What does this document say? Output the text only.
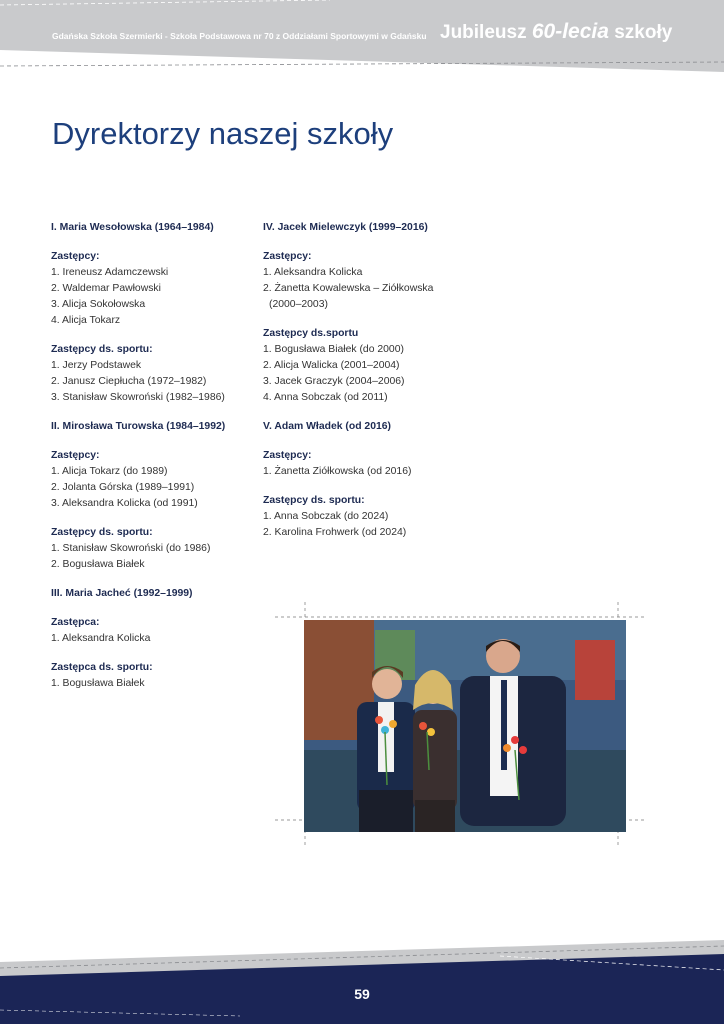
Gdańska Szkoła Szermierki - Szkoła Podstawowa nr 70 z Oddziałami Sportowymi w Gdańsku Jubileusz 60-lecia szkoły
Dyrektorzy naszej szkoły

I. Maria Wesołowska (1964–1984)

Zastępcy:

1. Ireneusz Adamczewski

2. Waldemar Pawłowski

3. Alicja Sokołowska

4. Alicja Tokarz

Zastępcy ds. sportu:

1. Jerzy Podstawek

2. Janusz Ciepłucha (1972–1982)

3. Stanisław Skowroński (1982–1986)

II. Mirosława Turowska (1984–1992)

Zastępcy:

1. Alicja Tokarz (do 1989)

2. Jolanta Górska (1989–1991)

3. Aleksandra Kolicka (od 1991)

Zastępcy ds. sportu:

1. Stanisław Skowroński (do 1986)

2. Bogusława Białek

III. Maria Jacheć (1992–1999)

Zastępca:

1. Aleksandra Kolicka

Zastępca ds. sportu:

1. Bogusława Białek

IV. Jacek Mielewczyk (1999–2016)

Zastępcy:

1. Aleksandra Kolicka

2. Żanetta Kowalewska – Ziółkowska

(2000–2003)

Zastępcy ds.sportu

1. Bogusława Białek (do 2000)

2. Alicja Walicka (2001–2004)

3. Jacek Graczyk (2004–2006)

4. Anna Sobczak (od 2011)

V. Adam Władek (od 2016)

Zastępcy:

1. Żanetta Ziółkowska (od 2016)

Zastępcy ds. sportu:

1. Anna Sobczak (do 2024)

2. Karolina Frohwerk (od 2024)

59
